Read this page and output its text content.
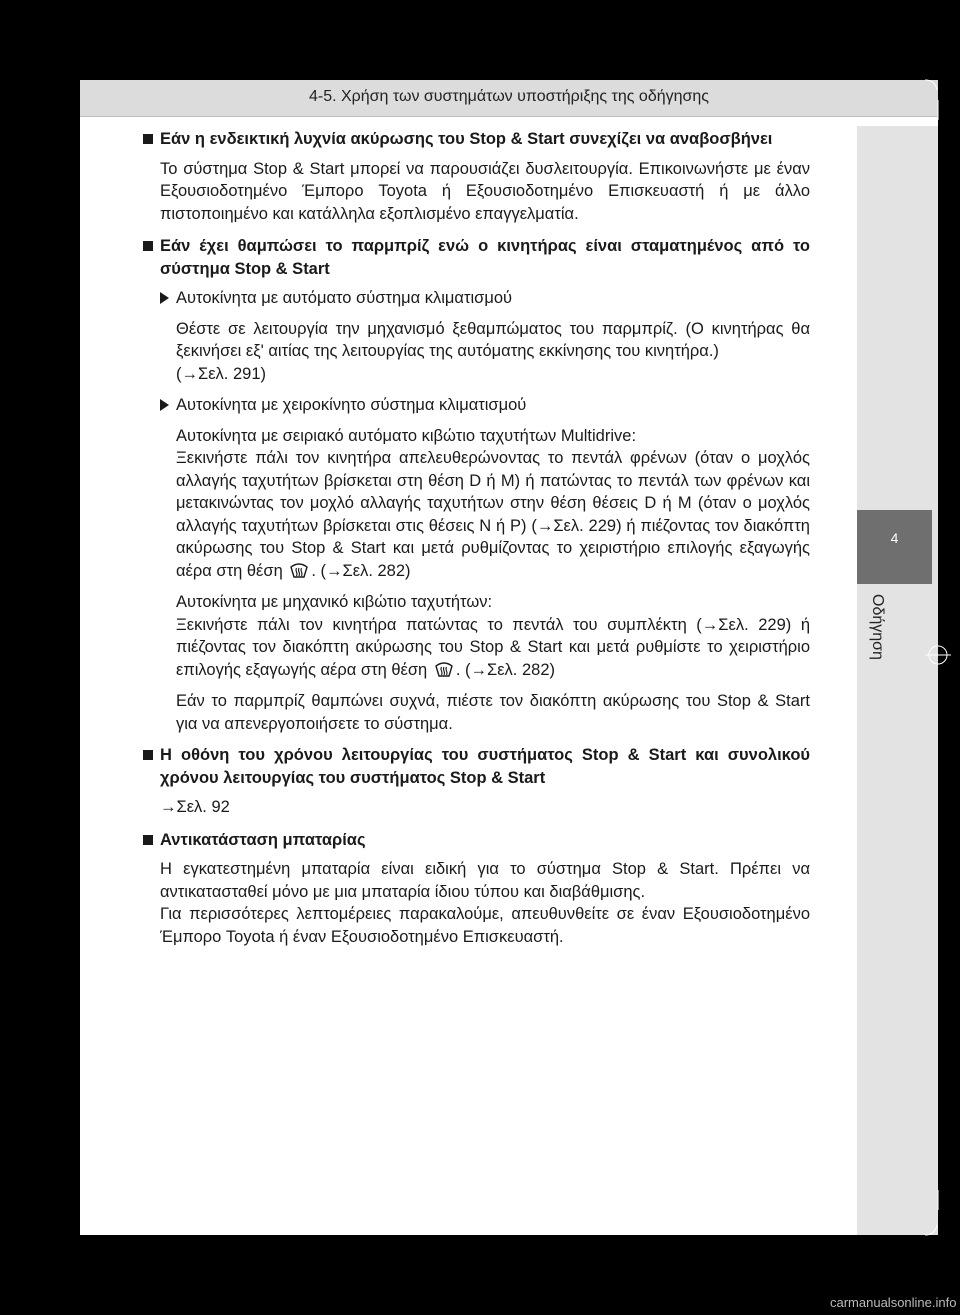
4-5. Χρήση των συστημάτων υποστήριξης της οδήγησης
4
Οδήγηση
Εάν η ενδεικτική λυχνία ακύρωσης του Stop & Start συνεχίζει να αναβοσβήνει
Το σύστημα Stop & Start μπορεί να παρουσιάζει δυσλειτουργία. Επικοινωνήστε με έναν Εξουσιοδοτημένο Έμπορο Toyota ή Εξουσιοδοτημένο Επισκευαστή ή με άλλο πιστοποιημένο και κατάλληλα εξοπλισμένο επαγγελματία.
Εάν έχει θαμπώσει το παρμπρίζ ενώ ο κινητήρας είναι σταματημένος από το σύστημα Stop & Start
Αυτοκίνητα με αυτόματο σύστημα κλιματισμού
Θέστε σε λειτουργία την μηχανισμό ξεθαμπώματος του παρμπρίζ. (Ο κινητήρας θα ξεκινήσει εξ' αιτίας της λειτουργίας της αυτόματης εκκίνησης του κινητήρα.)
(→Σελ. 291)
Αυτοκίνητα με χειροκίνητο σύστημα κλιματισμού
Αυτοκίνητα με σειριακό αυτόματο κιβώτιο ταχυτήτων Multidrive:
Ξεκινήστε πάλι τον κινητήρα απελευθερώνοντας το πεντάλ φρένων (όταν ο μοχλός αλλαγής ταχυτήτων βρίσκεται στη θέση D ή M) ή πατώντας το πεντάλ των φρένων και μετακινώντας τον μοχλό αλλαγής ταχυτήτων στην θέση θέσεις D ή M (όταν ο μοχλός αλλαγής ταχυτήτων βρίσκεται στις θέσεις N ή P) (→Σελ. 229) ή πιέζοντας τον διακόπτη ακύρωσης του Stop & Start και μετά ρυθμίζοντας το χειριστήριο επιλογής εξαγωγής αέρα στη θέση . (→Σελ. 282)
Αυτοκίνητα με μηχανικό κιβώτιο ταχυτήτων:
Ξεκινήστε πάλι τον κινητήρα πατώντας το πεντάλ του συμπλέκτη (→Σελ. 229) ή πιέζοντας τον διακόπτη ακύρωσης του Stop & Start και μετά ρυθμίστε το χειριστήριο επιλογής εξαγωγής αέρα στη θέση . (→Σελ. 282)
Εάν το παρμπρίζ θαμπώνει συχνά, πιέστε τον διακόπτη ακύρωσης του Stop & Start για να απενεργοποιήσετε το σύστημα.
Η οθόνη του χρόνου λειτουργίας του συστήματος Stop & Start και συνολικού χρόνου λειτουργίας του συστήματος Stop & Start
→Σελ. 92
Αντικατάσταση μπαταρίας
Η εγκατεστημένη μπαταρία είναι ειδική για το σύστημα Stop & Start. Πρέπει να αντικατασταθεί μόνο με μια μπαταρία ίδιου τύπου και διαβάθμισης.
Για περισσότερες λεπτομέρειες παρακαλούμε, απευθυνθείτε σε έναν Εξουσιοδοτημένο Έμπορο Toyota ή έναν Εξουσιοδοτημένο Επισκευαστή.
carmanualsonline.info
